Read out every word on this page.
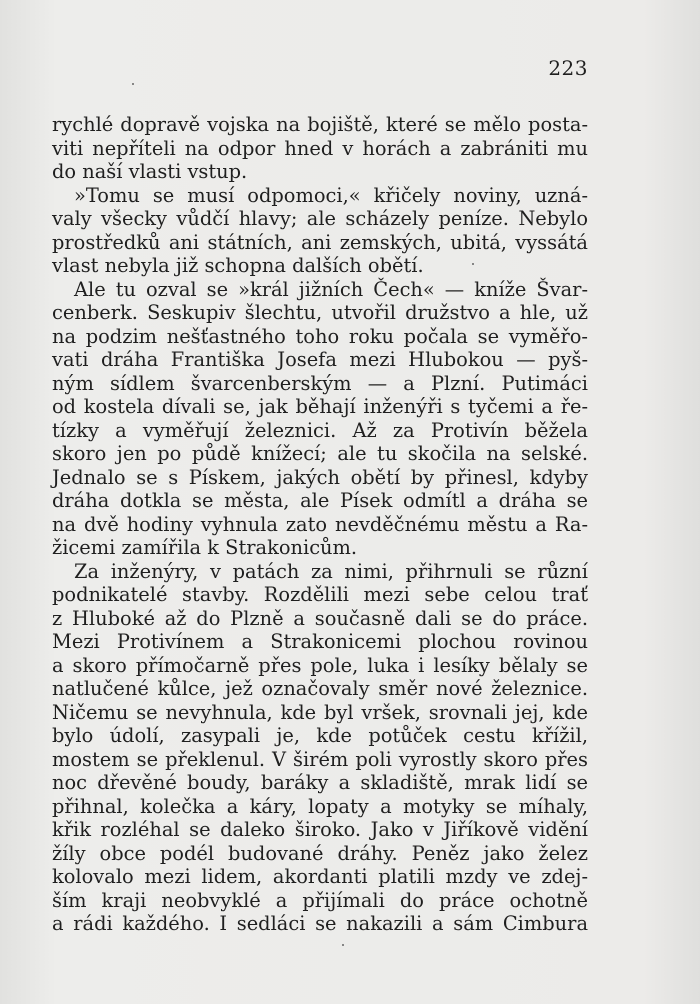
223
rychlé dopravě vojska na bojiště, které se mělo posta-
viti nepříteli na odpor hned v horách a zabrániti mu
do naší vlasti vstup.
»Tomu se musí odpomoci,« křičely noviny, uzná-
valy všecky vůdčí hlavy; ale scházely peníze. Nebylo
prostředků ani státních, ani zemských, ubitá, vyssátá
vlast nebyla již schopna dalších obětí.
Ale tu ozval se »král jižních Čech« — kníže Švar-
cenberk. Seskupiv šlechtu, utvořil družstvo a hle, už
na podzim nešťastného toho roku počala se vyměřo-
vati dráha Františka Josefa mezi Hlubokou — pyš-
ným sídlem švarcenberským — a Plzní. Putimáci
od kostela dívali se, jak běhají inženýři s tyčemi a ře-
tízky a vyměřují železnici. Až za Protivín běžela
skoro jen po půdě knížecí; ale tu skočila na selské.
Jednalo se s Pískem, jakých obětí by přinesl, kdyby
dráha dotkla se města, ale Písek odmítl a dráha se
na dvě hodiny vyhnula zato nevděčnému městu a Ra-
žicemi zamířila k Strakonicům.
Za inženýry, v patách za nimi, přihrnuli se různí
podnikatelé stavby. Rozdělili mezi sebe celou trať
z Hluboké až do Plzně a současně dali se do práce.
Mezi Protivínem a Strakonicemi plochou rovinou
a skoro přímočarně přes pole, luka i lesíky bělaly se
natlučené kůlce, jež označovaly směr nové železnice.
Ničemu se nevyhnula, kde byl vršek, srovnali jej, kde
bylo údolí, zasypali je, kde potůček cestu křížil,
mostem se překlenul. V širém poli vyrostly skoro přes
noc dřevěné boudy, baráky a skladiště, mrak lidí se
přihnal, kolečka a káry, lopaty a motyky se míhaly,
křik rozléhal se daleko široko. Jako v Jiříkově vidění
žíly obce podél budované dráhy. Peněz jako želez
kolovalo mezi lidem, akordanti platili mzdy ve zdej-
ším kraji neobvyklé a přijímali do práce ochotně
a rádi každého. I sedláci se nakazili a sám Cimbura
